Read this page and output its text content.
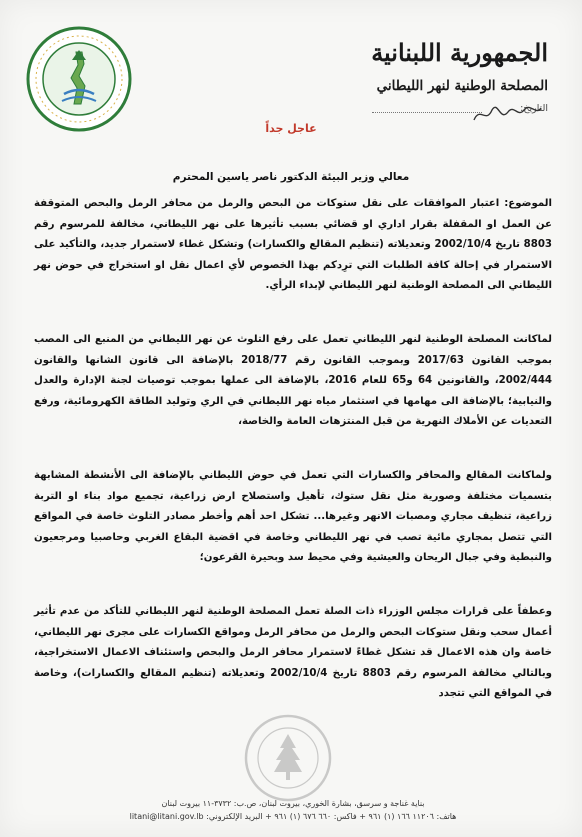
الجمهورية اللبنانية
المصلحة الوطنية لنهر الليطاني
التاريخ:
عاجل جداً
معالي وزير البيئة الدكتور ناصر ياسين المحترم
الموضوع: اعتبار الموافقات على نقل ستوكات من البحص والرمل من محافر الرمل والبحص المتوقفة عن العمل او المقفلة بقرار اداري او قضائي بسبب تأثيرها على نهر الليطاني، مخالفة للمرسوم رقم 8803 تاريخ 2002/10/4 وتعديلاته (تنظيم المقالع والكسارات) وتشكل غطاء لاستمرار جديد، والتأكيد على الاستمرار في إحالة كافة الطلبات التي ترِدكم بهذا الخصوص لأي اعمال نقل او استخراج في حوض نهر الليطاني الى المصلحة الوطنية لنهر الليطاني لإبداء الرأي.
لماكانت المصلحة الوطنية لنهر الليطاني تعمل على رفع التلوث عن نهر الليطاني من المنبع الى المصب بموجب القانون 2017/63 وبموجب القانون رقم 2018/77 بالإضافة الى قانون الشانها والقانون 2002/444، والقانونين 64 و65 للعام 2016، بالإضافة الى عملها بموجب توصيات لجنة الإدارة والعدل والنيابية؛ بالإضافة الى مهامها في استثمار مياه نهر الليطاني في الري وتوليد الطاقة الكهرومائية، ورفع التعديات عن الأملاك النهرية من قبل المنتزهات العامة والخاصة،
ولماكانت المقالع والمحافر والكسارات التي تعمل في حوض الليطاني بالإضافة الى الأنشطة المشابهة بتسميات مختلفة وصورية مثل نقل ستوك، تأهيل واستصلاح ارض زراعية، تجميع مواد بناء او التربة زراعية، تنظيف مجاري ومصبات الانهر وغيرها... تشكل احد أهم وأخطر مصادر التلوث خاصة في المواقع التي تتصل بمجاري مائية تصب في نهر الليطاني وخاصة في اقضية البقاع الغربي وحاصبيا ومرجعيون والنبطية وفي جبال الريحان والعيشية وفي محيط سد وبحيرة القرعون؛
وعطفاً على قرارات مجلس الوزراء ذات الصلة تعمل المصلحة الوطنية لنهر الليطاني للتأكد من عدم تأثير أعمال سحب ونقل ستوكات البحص والرمل من محافر الرمل ومواقع الكسارات على مجرى نهر الليطاني، خاصة وان هذه الاعمال قد تشكل غطاءً لاستمرار محافر الرمل والبحص واستئناف الاعمال الاستخراجية، وبالتالي مخالفة المرسوم رقم 8803 تاريخ 2002/10/4 وتعديلاته (تنظيم المقالع والكسارات)، وخاصة في المواقع التي تتجدد
بناية غناجة و سرسق، بشارة الخوري، بيروت لبنان، ص.ب: ٣٧٣٢-١١ بيروت لبنان
هاتف: ١١٢٠٦ ١٦٦ (١) ٩٦١ + فاكس: ٦٦٠ ٦٧٦ (١) ٩٦١ + البريد الإلكتروني: litani@litani.gov.lb
